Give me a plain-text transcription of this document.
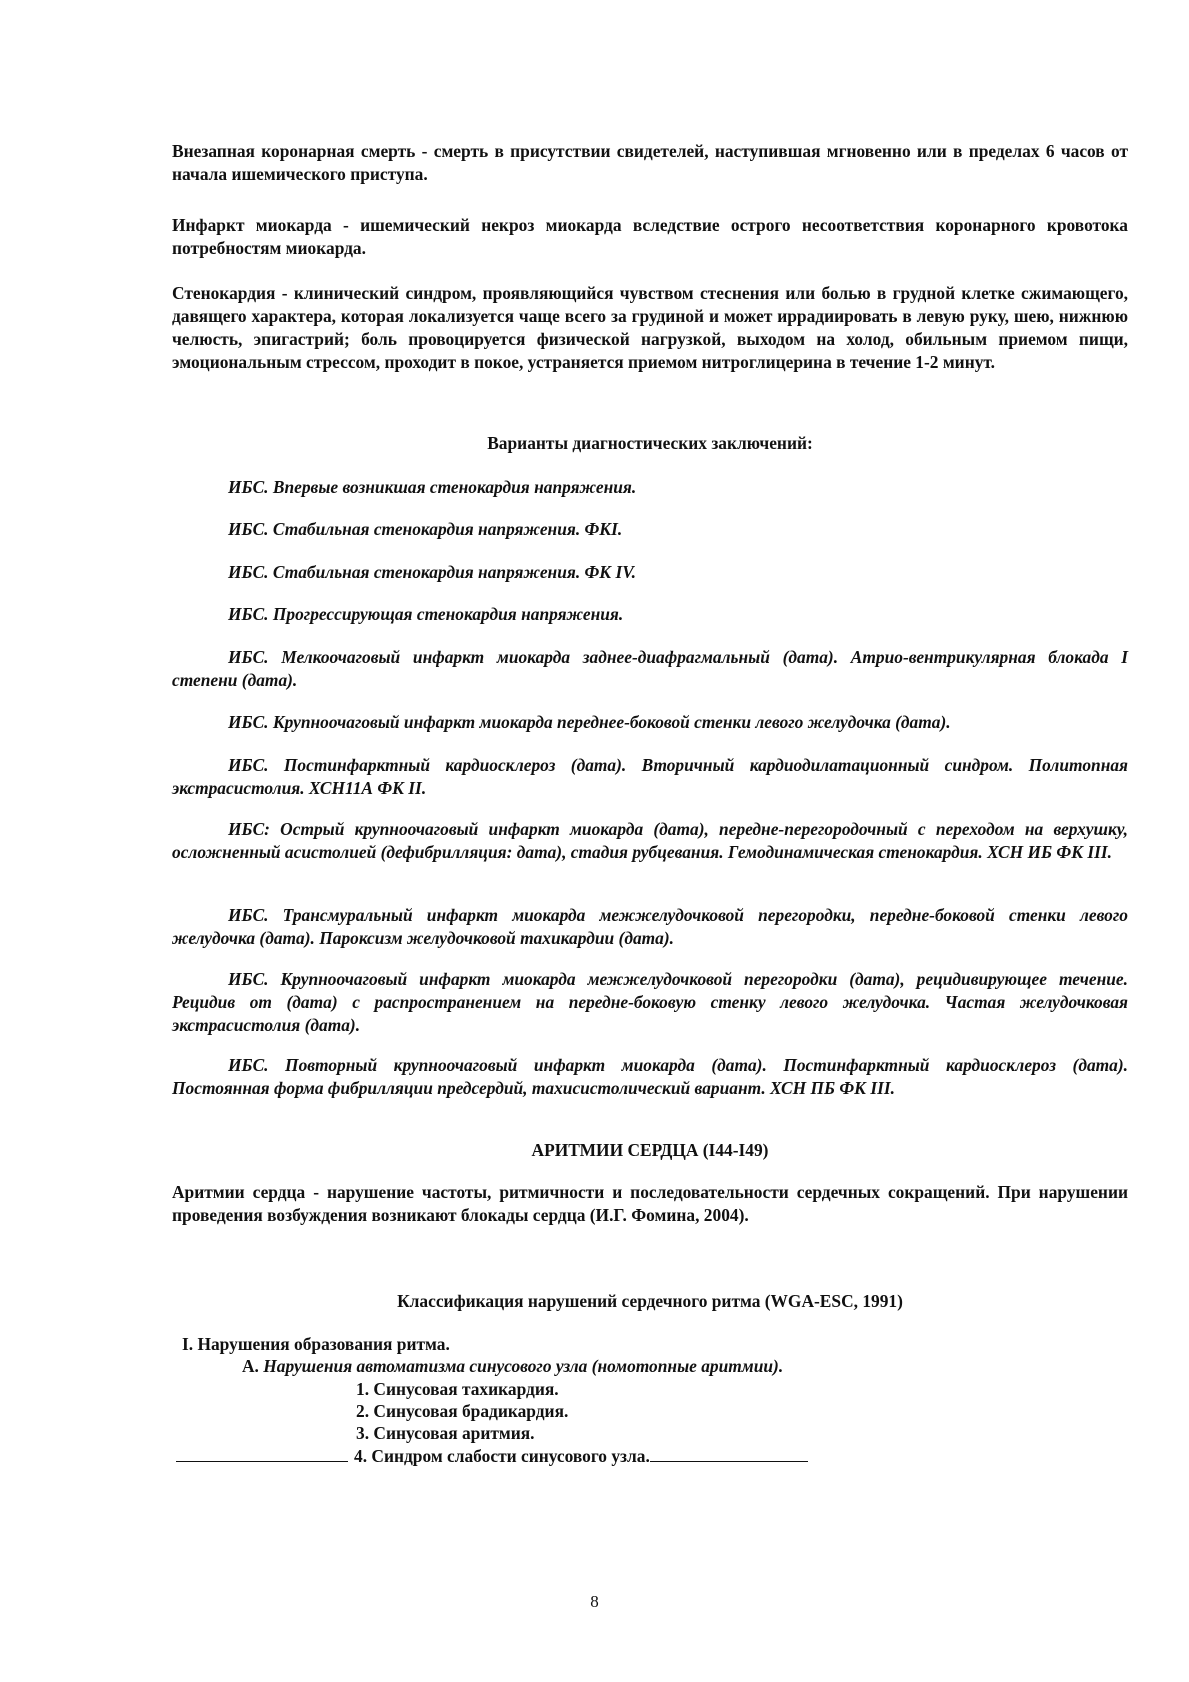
Внезапная коронарная смерть - смерть в присутствии свидетелей, наступившая мгновенно или в пределах 6 часов от начала ишемического приступа.

Инфаркт миокарда - ишемический некроз миокарда вследствие острого несоответствия коронарного кровотока потребностям миокарда.

Стенокардия - клинический синдром, проявляющийся чувством стеснения или болью в грудной клетке сжимающего, давящего характера, которая локализуется чаще всего за грудиной и может иррадиировать в левую руку, шею, нижнюю челюсть, эпигастрий; боль провоцируется физической нагрузкой, выходом на холод, обильным приемом пищи, эмоциональным стрессом, проходит в покое, устраняется приемом нитроглицерина в течение 1-2 минут.

Варианты диагностических заключений:

ИБС. Впервые возникшая стенокардия напряжения.

ИБС. Стабильная стенокардия напряжения. ФКI.

ИБС. Стабильная стенокардия напряжения. ФК IV.

ИБС. Прогрессирующая стенокардия напряжения.

ИБС. Мелкоочаговый инфаркт миокарда заднее-диафрагмальный (дата). Атрио-вентрикулярная блокада I степени (дата).

ИБС. Крупноочаговый инфаркт миокарда переднее-боковой стенки левого желудочка (дата).

ИБС. Постинфарктный кардиосклероз (дата). Вторичный кардиодилатационный синдром. Политопная экстрасистолия. ХСН11А ФК II.

ИБС: Острый крупноочаговый инфаркт миокарда (дата), передне-перегородочный с переходом на верхушку, осложненный асистолией (дефибрилляция: дата), стадия рубцевания. Гемодинамическая стенокардия. ХСН ИБ ФК III.

ИБС. Трансмуральный инфаркт миокарда межжелудочковой перегородки, передне-боковой стенки левого желудочка (дата). Пароксизм желудочковой тахикардии (дата).

ИБС. Крупноочаговый инфаркт миокарда межжелудочковой перегородки (дата), рецидивирующее течение. Рецидив от (дата) с распространением на передне-боковую стенку левого желудочка. Частая желудочковая экстрасистолия (дата).

ИБС. Повторный крупноочаговый инфаркт миокарда (дата). Постинфарктный кардиосклероз (дата). Постоянная форма фибрилляции предсердий, тахисистолический вариант. ХСН ПБ ФК III.

АРИТМИИ СЕРДЦА (I44-I49)

Аритмии сердца - нарушение частоты, ритмичности и последовательности сердечных сокращений. При нарушении проведения возбуждения возникают блокады сердца (И.Г. Фомина, 2004).

Классификация нарушений сердечного ритма (WGA-ESC, 1991)

I. Нарушения образования ритма.
А. Нарушения автоматизма синусового узла (номотопные аритмии).
1. Синусовая тахикардия.
2. Синусовая брадикардия.
3. Синусовая аритмия.
4. Синдром слабости синусового узла.
8
